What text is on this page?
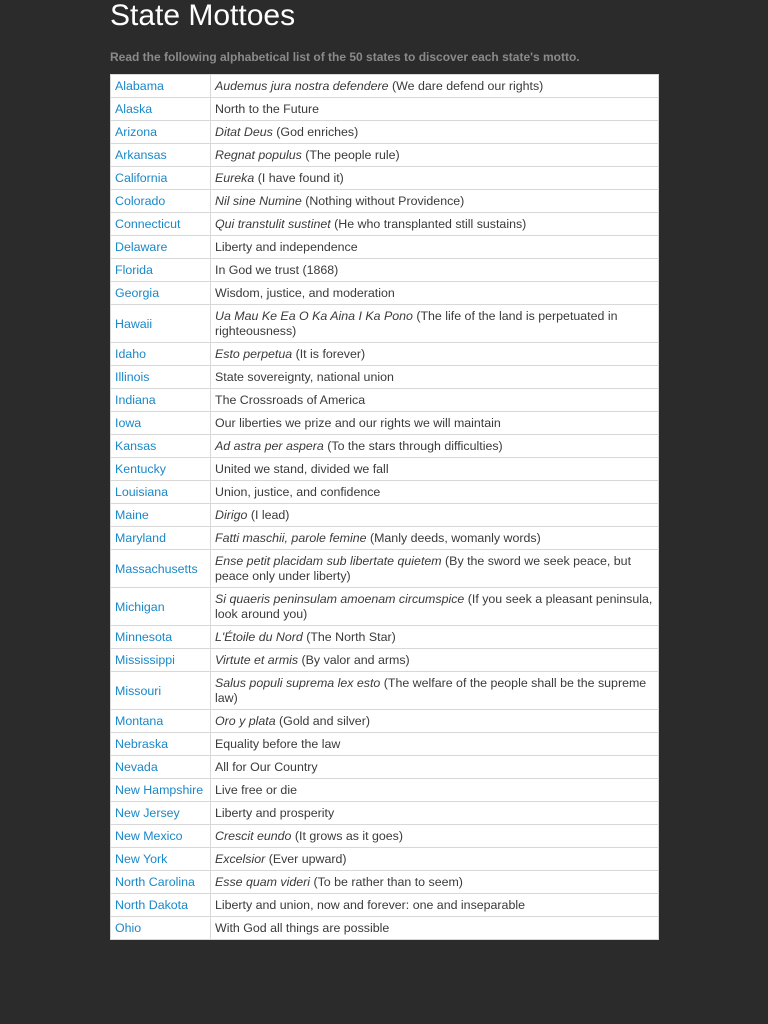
State Mottoes

Read the following alphabetical list of the 50 states to discover each state's motto.

Alabama	Audemus jura nostra defendere (We dare defend our rights)
Alaska	North to the Future
Arizona	Ditat Deus (God enriches)
Arkansas	Regnat populus (The people rule)
California	Eureka (I have found it)
Colorado	Nil sine Numine (Nothing without Providence)
Connecticut	Qui transtulit sustinet (He who transplanted still sustains)
Delaware	Liberty and independence
Florida	In God we trust (1868)
Georgia	Wisdom, justice, and moderation
Hawaii	Ua Mau Ke Ea O Ka Aina I Ka Pono (The life of the land is perpetuated in righteousness)
Idaho	Esto perpetua (It is forever)
Illinois	State sovereignty, national union
Indiana	The Crossroads of America
Iowa	Our liberties we prize and our rights we will maintain
Kansas	Ad astra per aspera (To the stars through difficulties)
Kentucky	United we stand, divided we fall
Louisiana	Union, justice, and confidence
Maine	Dirigo (I lead)
Maryland	Fatti maschii, parole femine (Manly deeds, womanly words)
Massachusetts	Ense petit placidam sub libertate quietem (By the sword we seek peace, but peace only under liberty)
Michigan	Si quaeris peninsulam amoenam circumspice (If you seek a pleasant peninsula, look around you)
Minnesota	L'Étoile du Nord (The North Star)
Mississippi	Virtute et armis (By valor and arms)
Missouri	Salus populi suprema lex esto (The welfare of the people shall be the supreme law)
Montana	Oro y plata (Gold and silver)
Nebraska	Equality before the law
Nevada	All for Our Country
New Hampshire	Live free or die
New Jersey	Liberty and prosperity
New Mexico	Crescit eundo (It grows as it goes)
New York	Excelsior (Ever upward)
North Carolina	Esse quam videri (To be rather than to seem)
North Dakota	Liberty and union, now and forever: one and inseparable
Ohio	With God all things are possible
